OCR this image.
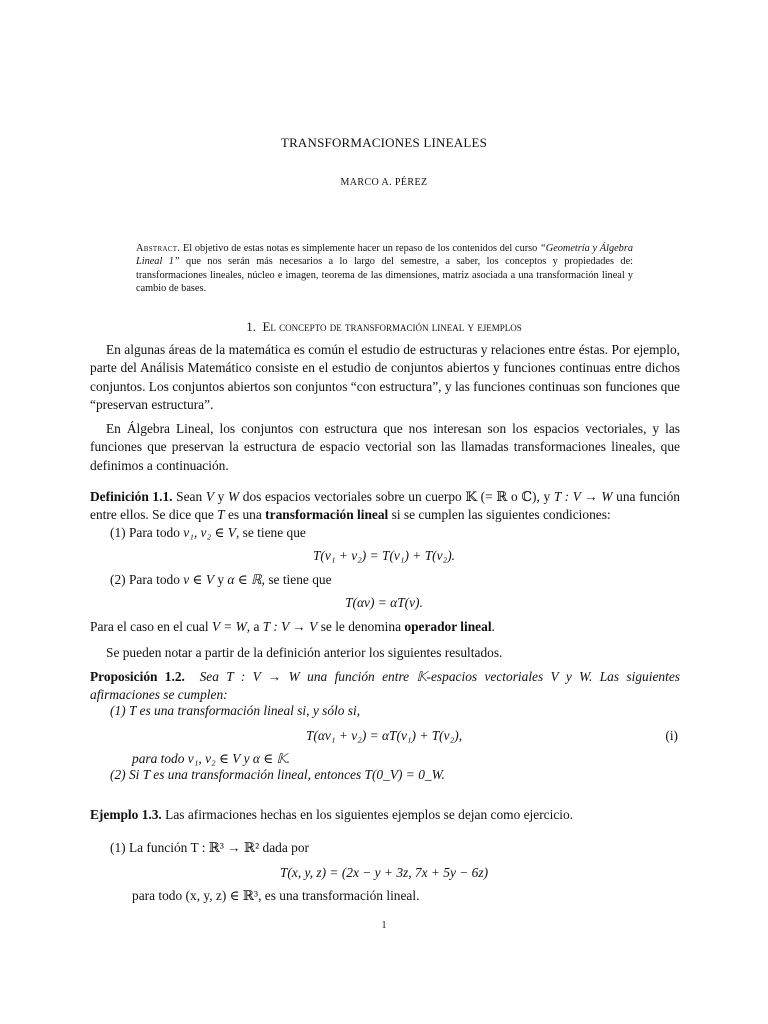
TRANSFORMACIONES LINEALES
MARCO A. PÉREZ
Abstract. El objetivo de estas notas es simplemente hacer un repaso de los contenidos del curso “Geometría y Álgebra Lineal 1” que nos serán más necesarios a lo largo del semestre, a saber, los conceptos y propiedades de: transformaciones lineales, núcleo e imagen, teorema de las dimensiones, matriz asociada a una transformación lineal y cambio de bases.
1. El concepto de transformación lineal y ejemplos
En algunas áreas de la matemática es común el estudio de estructuras y relaciones entre éstas. Por ejemplo, parte del Análisis Matemático consiste en el estudio de conjuntos abiertos y funciones continuas entre dichos conjuntos. Los conjuntos abiertos son conjuntos “con estructura”, y las funciones continuas son funciones que “preservan estructura”.
En Álgebra Lineal, los conjuntos con estructura que nos interesan son los espacios vectoriales, y las funciones que preservan la estructura de espacio vectorial son las llamadas transformaciones lineales, que definimos a continuación.
Definición 1.1. Sean V y W dos espacios vectoriales sobre un cuerpo 𝕂 (= ℝ o ℂ), y T : V → W una función entre ellos. Se dice que T es una transformación lineal si se cumplen las siguientes condiciones:
(1) Para todo v₁, v₂ ∈ V, se tiene que
T(v₁ + v₂) = T(v₁) + T(v₂).
(2) Para todo v ∈ V y α ∈ ℝ, se tiene que
T(αv) = αT(v).
Para el caso en el cual V = W, a T : V → V se le denomina operador lineal.
Se pueden notar a partir de la definición anterior los siguientes resultados.
Proposición 1.2. Sea T : V → W una función entre 𝕂-espacios vectoriales V y W. Las siguientes afirmaciones se cumplen:
(1) T es una transformación lineal si, y sólo si,
T(αv₁ + v₂) = αT(v₁) + T(v₂),	(i)
para todo v₁, v₂ ∈ V y α ∈ 𝕂.
(2) Si T es una transformación lineal, entonces T(0_V) = 0_W.
Ejemplo 1.3. Las afirmaciones hechas en los siguientes ejemplos se dejan como ejercicio.
(1) La función T : ℝ³ → ℝ² dada por
T(x, y, z) = (2x − y + 3z, 7x + 5y − 6z)
para todo (x, y, z) ∈ ℝ³, es una transformación lineal.
1
